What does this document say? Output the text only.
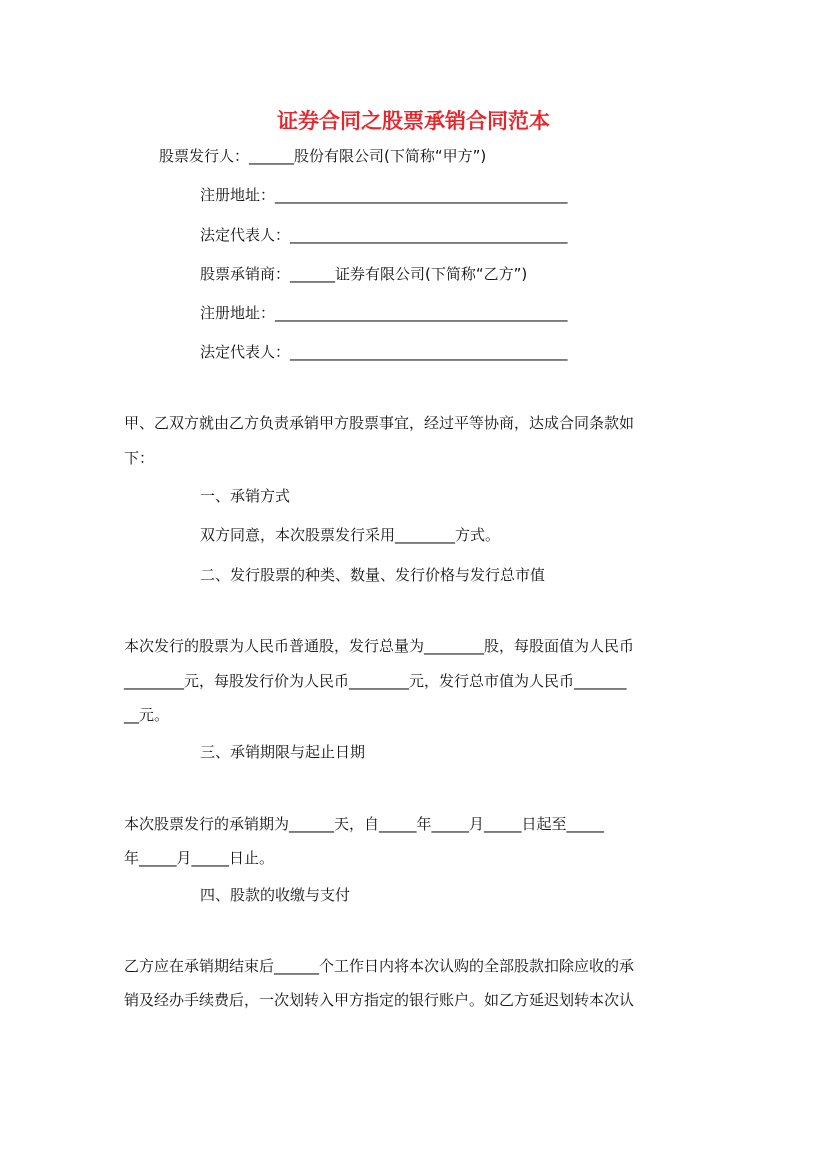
证券合同之股票承销合同范本

股票发行人：______股份有限公司(下简称“甲方”)

注册地址：_______________________________________

法定代表人：_____________________________________

股票承销商：______证券有限公司(下简称“乙方”)

注册地址：_______________________________________

法定代表人：_____________________________________

甲、乙双方就由乙方负责承销甲方股票事宜，经过平等协商，达成合同条款如

下：

一、承销方式

双方同意，本次股票发行采用________方式。

二、发行股票的种类、数量、发行价格与发行总市值

本次发行的股票为人民币普通股，发行总量为________股，每股面值为人民币

________元，每股发行价为人民币________元，发行总市值为人民币_______

__元。

三、承销期限与起止日期

本次股票发行的承销期为______天，自_____年_____月_____日起至_____

年_____月_____日止。

四、股款的收缴与支付

乙方应在承销期结束后______个工作日内将本次认购的全部股款扣除应收的承

销及经办手续费后，一次划转入甲方指定的银行账户。如乙方延迟划转本次认
